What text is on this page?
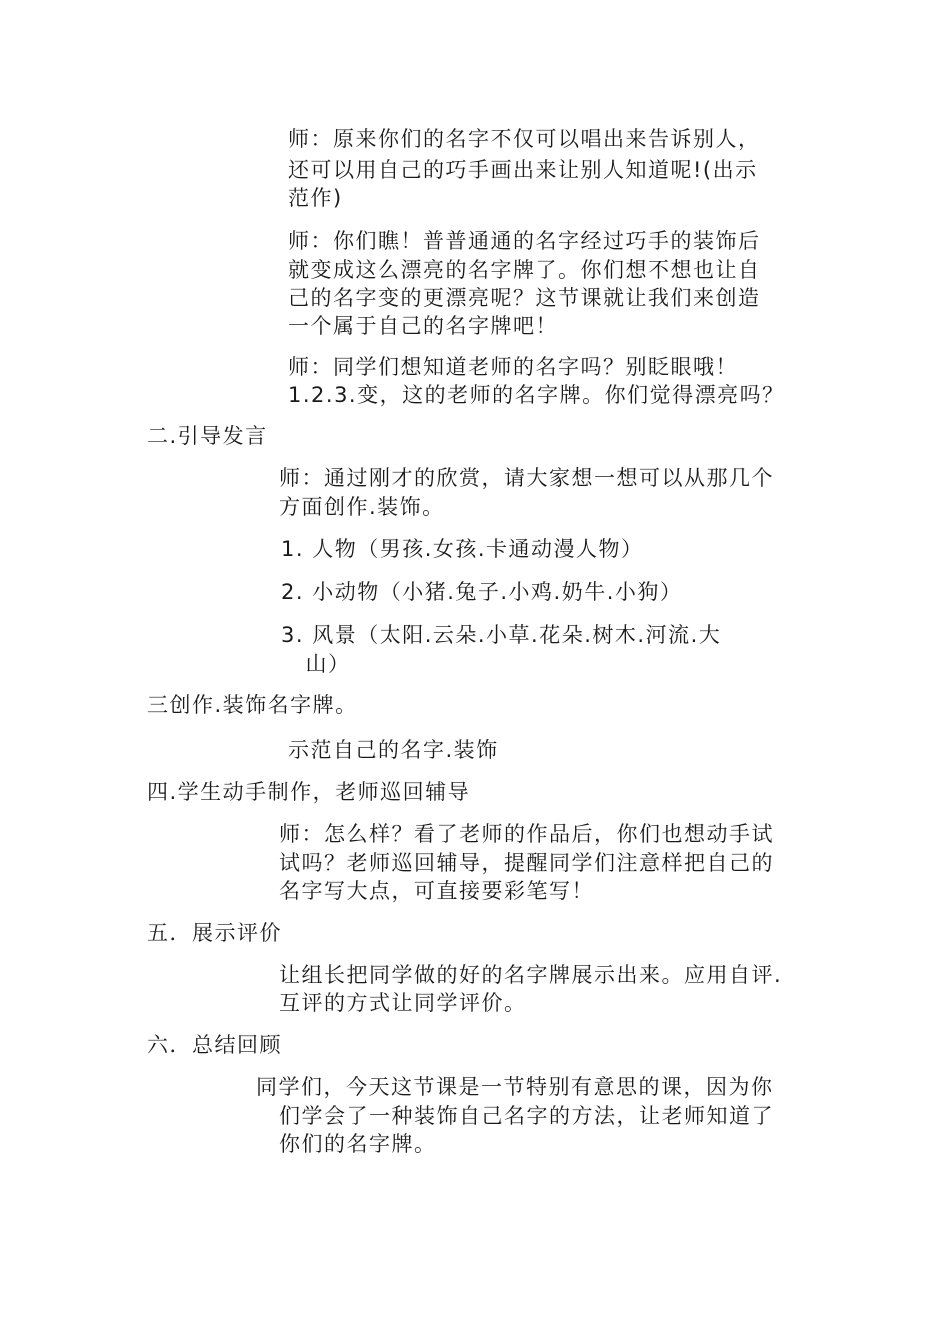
师：原来你们的名字不仅可以唱出来告诉别人，

还可以用自己的巧手画出来让别人知道呢!(出示

范作)

师：你们瞧！普普通通的名字经过巧手的装饰后

就变成这么漂亮的名字牌了。你们想不想也让自

己的名字变的更漂亮呢？这节课就让我们来创造

一个属于自己的名字牌吧！

师：同学们想知道老师的名字吗？别眨眼哦！

1.2.3.变，这的老师的名字牌。你们觉得漂亮吗？

二.引导发言

师：通过刚才的欣赏，请大家想一想可以从那几个

方面创作.装饰。

1. 人物（男孩.女孩.卡通动漫人物）

2. 小动物（小猪.兔子.小鸡.奶牛.小狗）

3. 风景（太阳.云朵.小草.花朵.树木.河流.大

山）

三创作.装饰名字牌。

示范自己的名字.装饰

四.学生动手制作，老师巡回辅导

师：怎么样？看了老师的作品后，你们也想动手试

试吗？老师巡回辅导，提醒同学们注意样把自己的

名字写大点，可直接要彩笔写！

五．展示评价

让组长把同学做的好的名字牌展示出来。应用自评.

互评的方式让同学评价。

六．总结回顾

同学们，今天这节课是一节特别有意思的课，因为你

们学会了一种装饰自己名字的方法，让老师知道了

你们的名字牌。
